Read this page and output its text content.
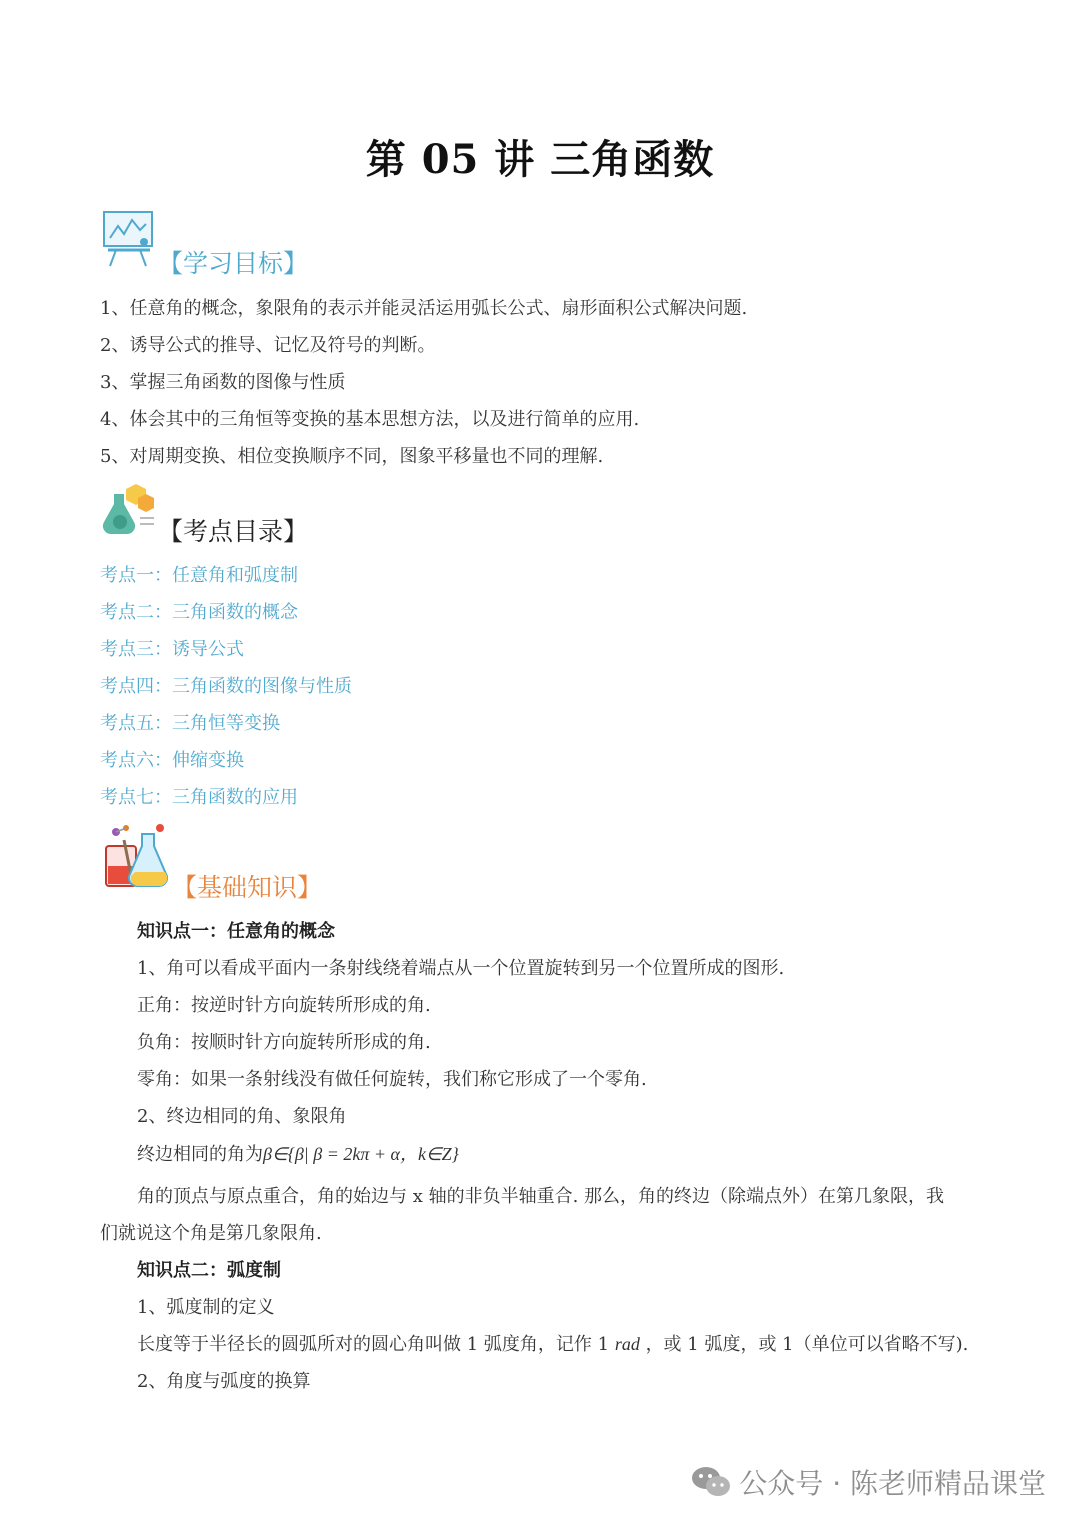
第 05 讲 三角函数
【学习目标】
1、任意角的概念，象限角的表示并能灵活运用弧长公式、扇形面积公式解决问题.
2、诱导公式的推导、记忆及符号的判断。
3、掌握三角函数的图像与性质
4、体会其中的三角恒等变换的基本思想方法，以及进行简单的应用.
5、对周期变换、相位变换顺序不同，图象平移量也不同的理解.
【考点目录】
考点一：任意角和弧度制
考点二：三角函数的概念
考点三：诱导公式
考点四：三角函数的图像与性质
考点五：三角恒等变换
考点六：伸缩变换
考点七：三角函数的应用
【基础知识】
知识点一：任意角的概念
1、角可以看成平面内一条射线绕着端点从一个位置旋转到另一个位置所成的图形.
正角：按逆时针方向旋转所形成的角.
负角：按顺时针方向旋转所形成的角.
零角：如果一条射线没有做任何旋转，我们称它形成了一个零角.
2、终边相同的角、象限角
终边相同的角为β∈{β| β = 2kπ + α，k∈Z}
角的顶点与原点重合，角的始边与 x 轴的非负半轴重合. 那么，角的终边（除端点外）在第几象限，我
们就说这个角是第几象限角.
知识点二：弧度制
1、弧度制的定义
长度等于半径长的圆弧所对的圆心角叫做 1 弧度角，记作 1 rad ，或 1 弧度，或 1（单位可以省略不写).
2、角度与弧度的换算
公众号 · 陈老师精品课堂
